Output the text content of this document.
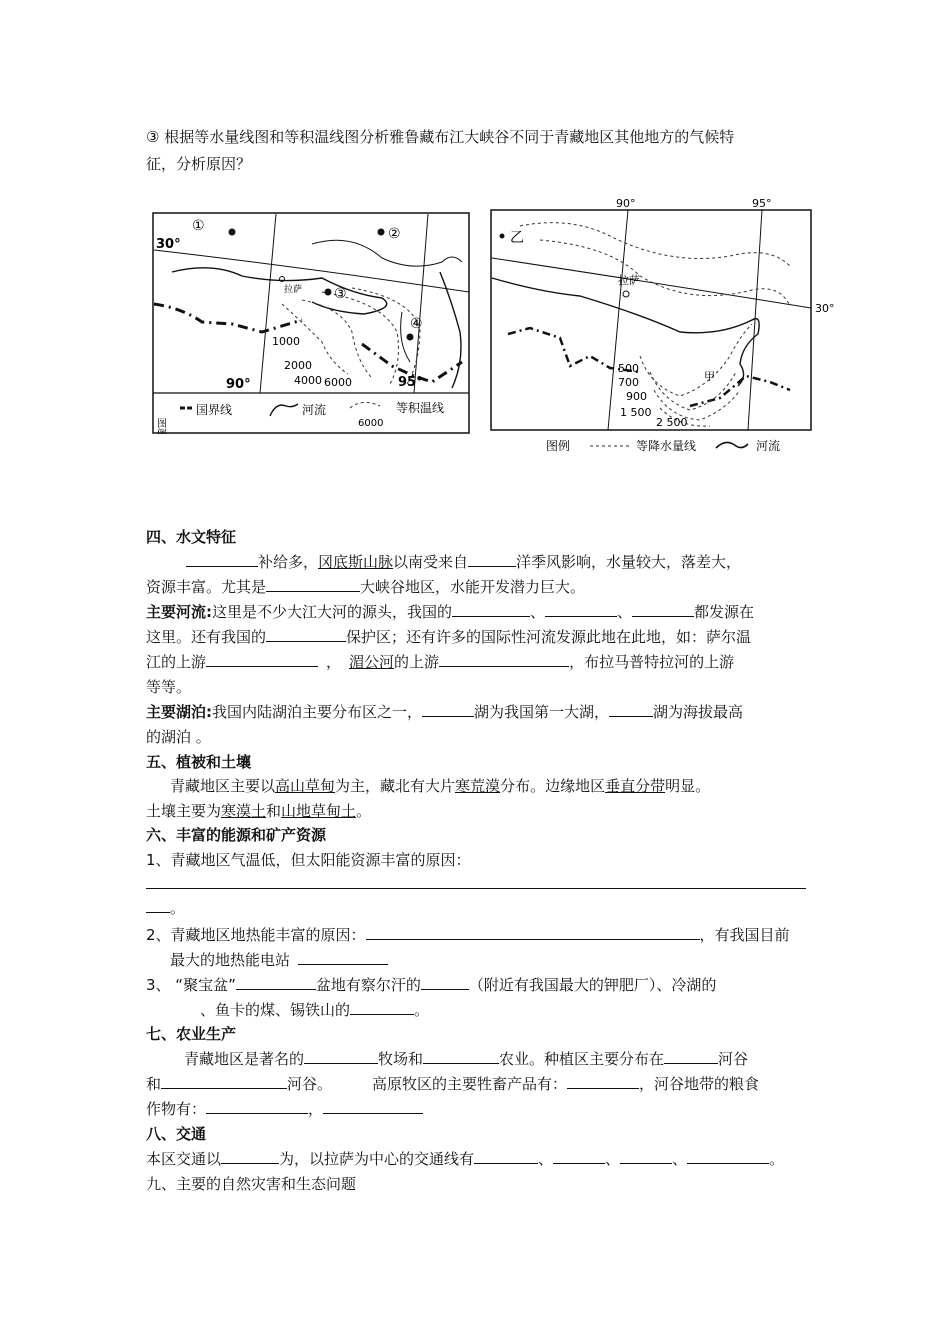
③ 根据等水量线图和等积温线图分析雅鲁藏布江大峡谷不同于青藏地区其他地方的气候特
征，分析原因？
①	②
③
④
拉萨
30°
90°	95°
1000
2000
4000 6000
图例
国界线	河流
6000
等积温线
90°	95°
30°
乙
拉萨
甲
500
700
900
1 500
2 500
图例	等降水量线	河流
四、水文特征
补给多，冈底斯山脉以南受来自	洋季风影响，水量较大，落差大，
资源丰富。尤其是	大峡谷地区，水能开发潜力巨大。
主要河流:这里是不少大江大河的源头，我国的	、	、	都发源在
这里。还有我国的	保护区；还有许多的国际性河流发源此地在此地，如：萨尔温
江的上游	， 湄公河的上游	，布拉马普特拉河的上游
等等。
主要湖泊:我国内陆湖泊主要分布区之一，	湖为我国第一大湖，	湖为海拔最高
的湖泊 。
五、植被和土壤
青藏地区主要以高山草甸为主，藏北有大片寒荒漠分布。边缘地区垂直分带明显。
土壤主要为寒漠土和山地草甸土。
六、丰富的能源和矿产资源
1、青藏地区气温低，但太阳能资源丰富的原因：
。
2、青藏地区地热能丰富的原因：	，有我国目前
最大的地热能电站
3、 “聚宝盆”	盆地有察尔汗的	（附近有我国最大的钾肥厂）、冷湖的
、鱼卡的煤、锡铁山的	。
七、农业生产
青藏地区是著名的	牧场和	农业。种植区主要分布在	河谷
和	河谷。	高原牧区的主要牲畜产品有：	，河谷地带的粮食
作物有：	，
八、交通
本区交通以	为，以拉萨为中心的交通线有	、	、	、	。
九、主要的自然灾害和生态问题
